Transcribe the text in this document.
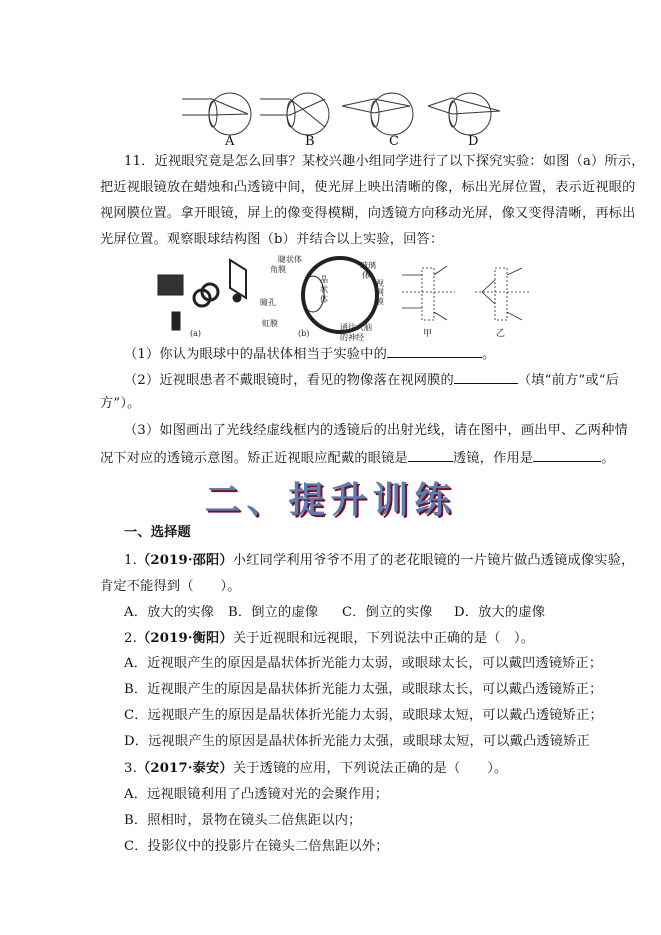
A	B	C	D
11．近视眼究竟是怎么回事？某校兴趣小组同学进行了以下探究实验：如图（a）所示，
把近视眼镜放在蜡烛和凸透镜中间，使光屏上映出清晰的像，标出光屏位置，表示近视眼的
视网膜位置。拿开眼镜，屏上的像变得模糊，向透镜方向移动光屏，像又变得清晰，再标出
光屏位置。观察眼球结构图（b）并结合以上实验，回答：
(a)
睫状体
角膜
晶
状
体
玻璃
体
视
网
膜
瞳孔
虹膜	通往大脑
的神经
(b)	甲	乙
（1）你认为眼球中的晶状体相当于实验中的	。
（2）近视眼患者不戴眼镜时，看见的物像落在视网膜的	（填“前方”或“后
方”）。
（3）如图画出了光线经虚线框内的透镜后的出射光线，请在图中，画出甲、乙两种情
况下对应的透镜示意图。矫正近视眼应配戴的眼镜是	透镜，作用是	。
二、提升训练
一、选择题
1.（2019·邵阳）小红同学利用爷爷不用了的老花眼镜的一片镜片做凸透镜成像实验，
肯定不能得到（　　）。
A．放大的实像 B．倒立的虚像 C．倒立的实像 D．放大的虚像
2.（2019·衡阳）关于近视眼和远视眼，下列说法中正确的是（　）。
A．近视眼产生的原因是晶状体折光能力太弱，或眼球太长，可以戴凹透镜矫正；
B．近视眼产生的原因是晶状体折光能力太强，或眼球太长，可以戴凸透镜矫正；
C．远视眼产生的原因是晶状体折光能力太弱，或眼球太短，可以戴凸透镜矫正；
D．远视眼产生的原因是晶状体折光能力太强，或眼球太短，可以戴凸透镜矫正
3.（2017·泰安）关于透镜的应用，下列说法正确的是（　　）。
A．远视眼镜利用了凸透镜对光的会聚作用；
B．照相时，景物在镜头二倍焦距以内；
C．投影仪中的投影片在镜头二倍焦距以外；
